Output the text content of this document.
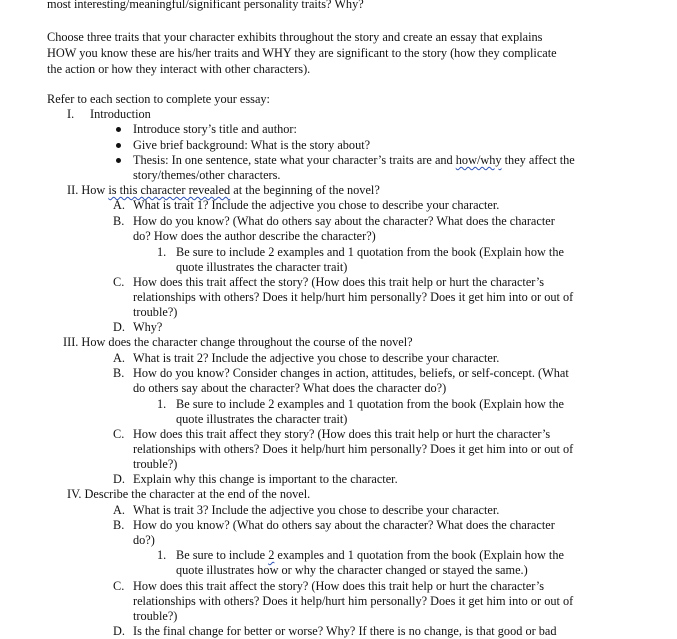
most interesting/meaningful/significant personality traits? Why?
Choose three traits that your character exhibits throughout the story and create an essay that explains
HOW you know these are his/her traits and WHY they are significant to the story (how they complicate
the action or how they interact with other characters).
Refer to each section to complete your essay:
I. Introduction
Introduce story’s title and author:
Give brief background: What is the story about?
Thesis: In one sentence, state what your character’s traits are and how/why they affect the
story/themes/other characters.
II. How is this character revealed at the beginning of the novel?
A. What is trait 1? Include the adjective you chose to describe your character.
B. How do you know? (What do others say about the character? What does the character
do? How does the author describe the character?)
1. Be sure to include 2 examples and 1 quotation from the book (Explain how the
quote illustrates the character trait)
C. How does this trait affect the story? (How does this trait help or hurt the character’s
relationships with others? Does it help/hurt him personally? Does it get him into or out of
trouble?)
D. Why?
III. How does the character change throughout the course of the novel?
A. What is trait 2? Include the adjective you chose to describe your character.
B. How do you know? Consider changes in action, attitudes, beliefs, or self-concept. (What
do others say about the character? What does the character do?)
1. Be sure to include 2 examples and 1 quotation from the book (Explain how the
quote illustrates the character trait)
C. How does this trait affect they story? (How does this trait help or hurt the character’s
relationships with others? Does it help/hurt him personally? Does it get him into or out of
trouble?)
D. Explain why this change is important to the character.
IV. Describe the character at the end of the novel.
A. What is trait 3? Include the adjective you chose to describe your character.
B. How do you know? (What do others say about the character? What does the character
do?)
1. Be sure to include 2 examples and 1 quotation from the book (Explain how the
quote illustrates how or why the character changed or stayed the same.)
C. How does this trait affect the story? (How does this trait help or hurt the character’s
relationships with others? Does it help/hurt him personally? Does it get him into or out of
trouble?)
D. Is the final change for better or worse? Why? If there is no change, is that good or bad
